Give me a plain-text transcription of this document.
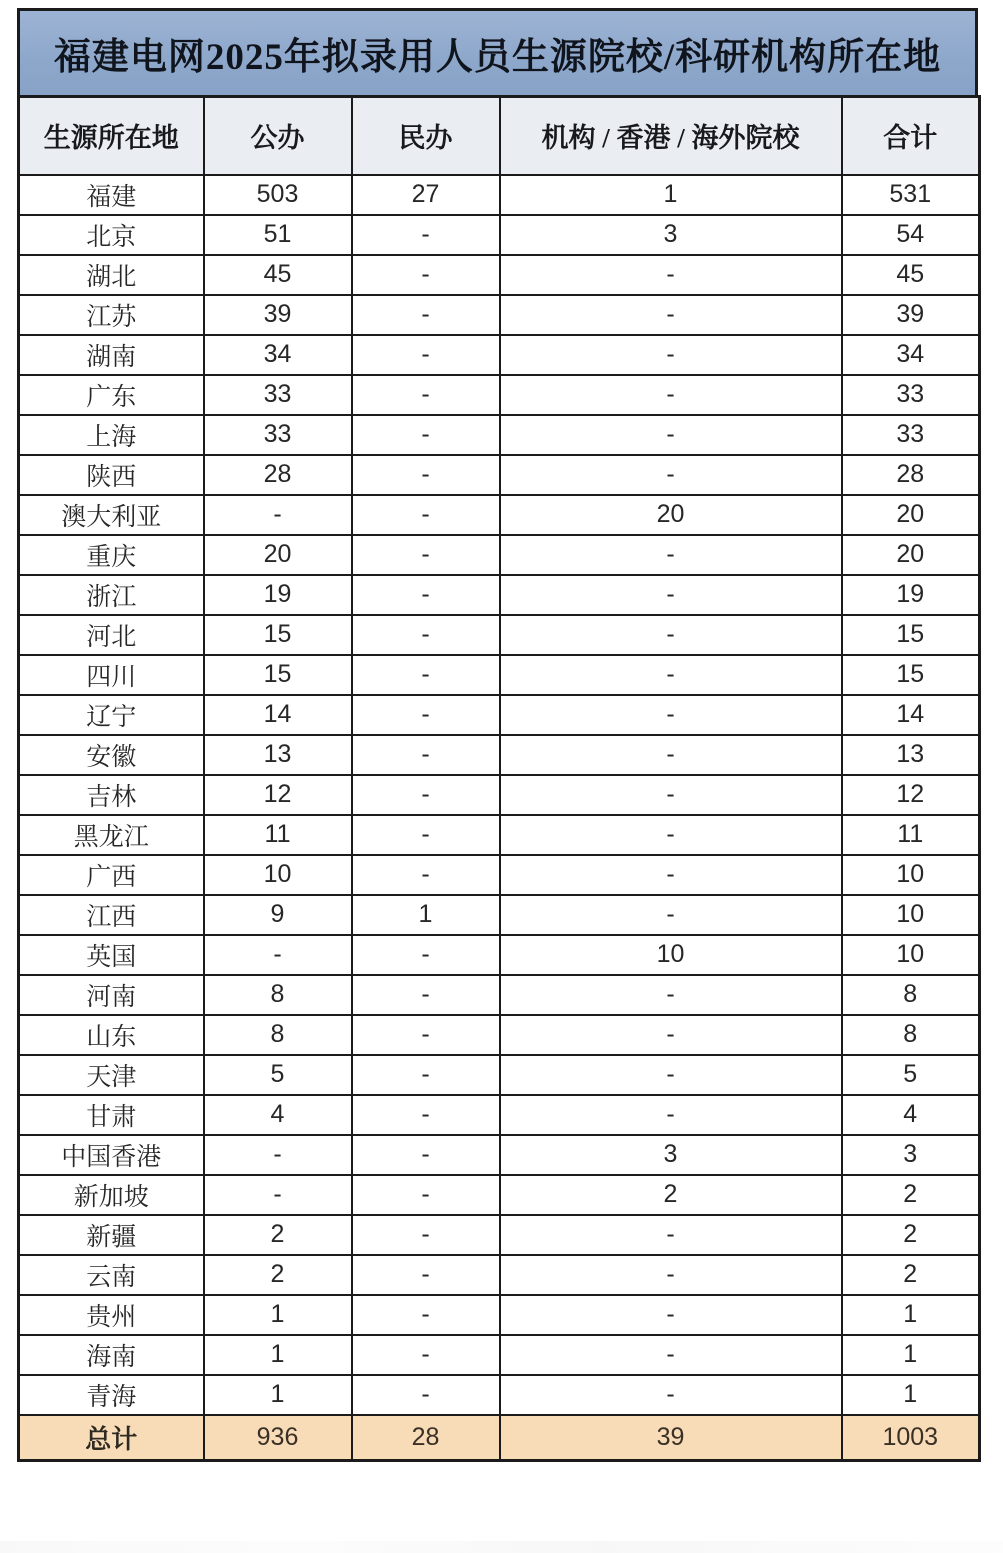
福建电网2025年拟录用人员生源院校/科研机构所在地
生源所在地	公办	民办	机构 / 香港 / 海外院校	合计
福建	503	27	1	531
北京	51	-	3	54
湖北	45	-	-	45
江苏	39	-	-	39
湖南	34	-	-	34
广东	33	-	-	33
上海	33	-	-	33
陕西	28	-	-	28
澳大利亚	-	-	20	20
重庆	20	-	-	20
浙江	19	-	-	19
河北	15	-	-	15
四川	15	-	-	15
辽宁	14	-	-	14
安徽	13	-	-	13
吉林	12	-	-	12
黑龙江	11	-	-	11
广西	10	-	-	10
江西	9	1	-	10
英国	-	-	10	10
河南	8	-	-	8
山东	8	-	-	8
天津	5	-	-	5
甘肃	4	-	-	4
中国香港	-	-	3	3
新加坡	-	-	2	2
新疆	2	-	-	2
云南	2	-	-	2
贵州	1	-	-	1
海南	1	-	-	1
青海	1	-	-	1
总计	936	28	39	1003
